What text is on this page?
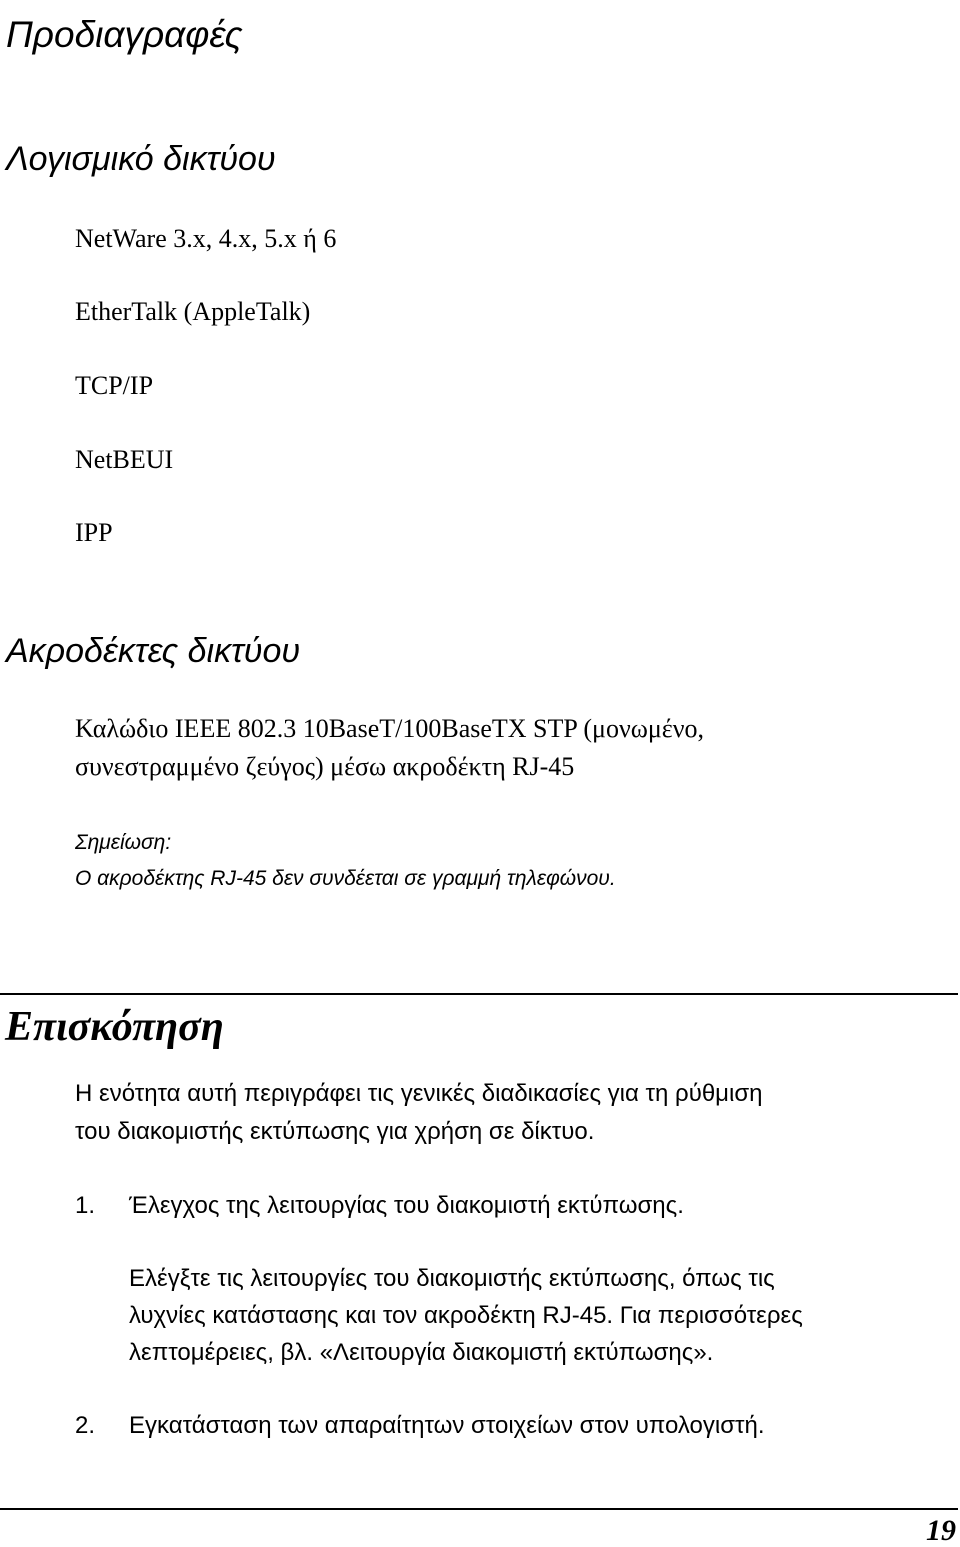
Προδιαγραφές
Λογισμικό δικτύου
NetWare 3.x, 4.x, 5.x ή 6
EtherTalk (AppleTalk)
TCP/IP
NetBEUI
IPP
Ακροδέκτες δικτύου
Καλώδιο IEEE 802.3 10BaseT/100BaseTX STP (μονωμένο,
συνεστραμμένο ζεύγος) μέσω ακροδέκτη RJ-45
Σημείωση:
Ο ακροδέκτης RJ-45 δεν συνδέεται σε γραμμή τηλεφώνου.
Επισκόπηση
Η ενότητα αυτή περιγράφει τις γενικές διαδικασίες για τη ρύθμιση
του διακομιστής εκτύπωσης για χρήση σε δίκτυο.
1. Έλεγχος της λειτουργίας του διακομιστή εκτύπωσης.
Ελέγξτε τις λειτουργίες του διακομιστής εκτύπωσης, όπως τις
λυχνίες κατάστασης και τον ακροδέκτη RJ-45. Για περισσότερες
λεπτομέρειες, βλ. «Λειτουργία διακομιστή εκτύπωσης».
2. Εγκατάσταση των απαραίτητων στοιχείων στον υπολογιστή.
19
